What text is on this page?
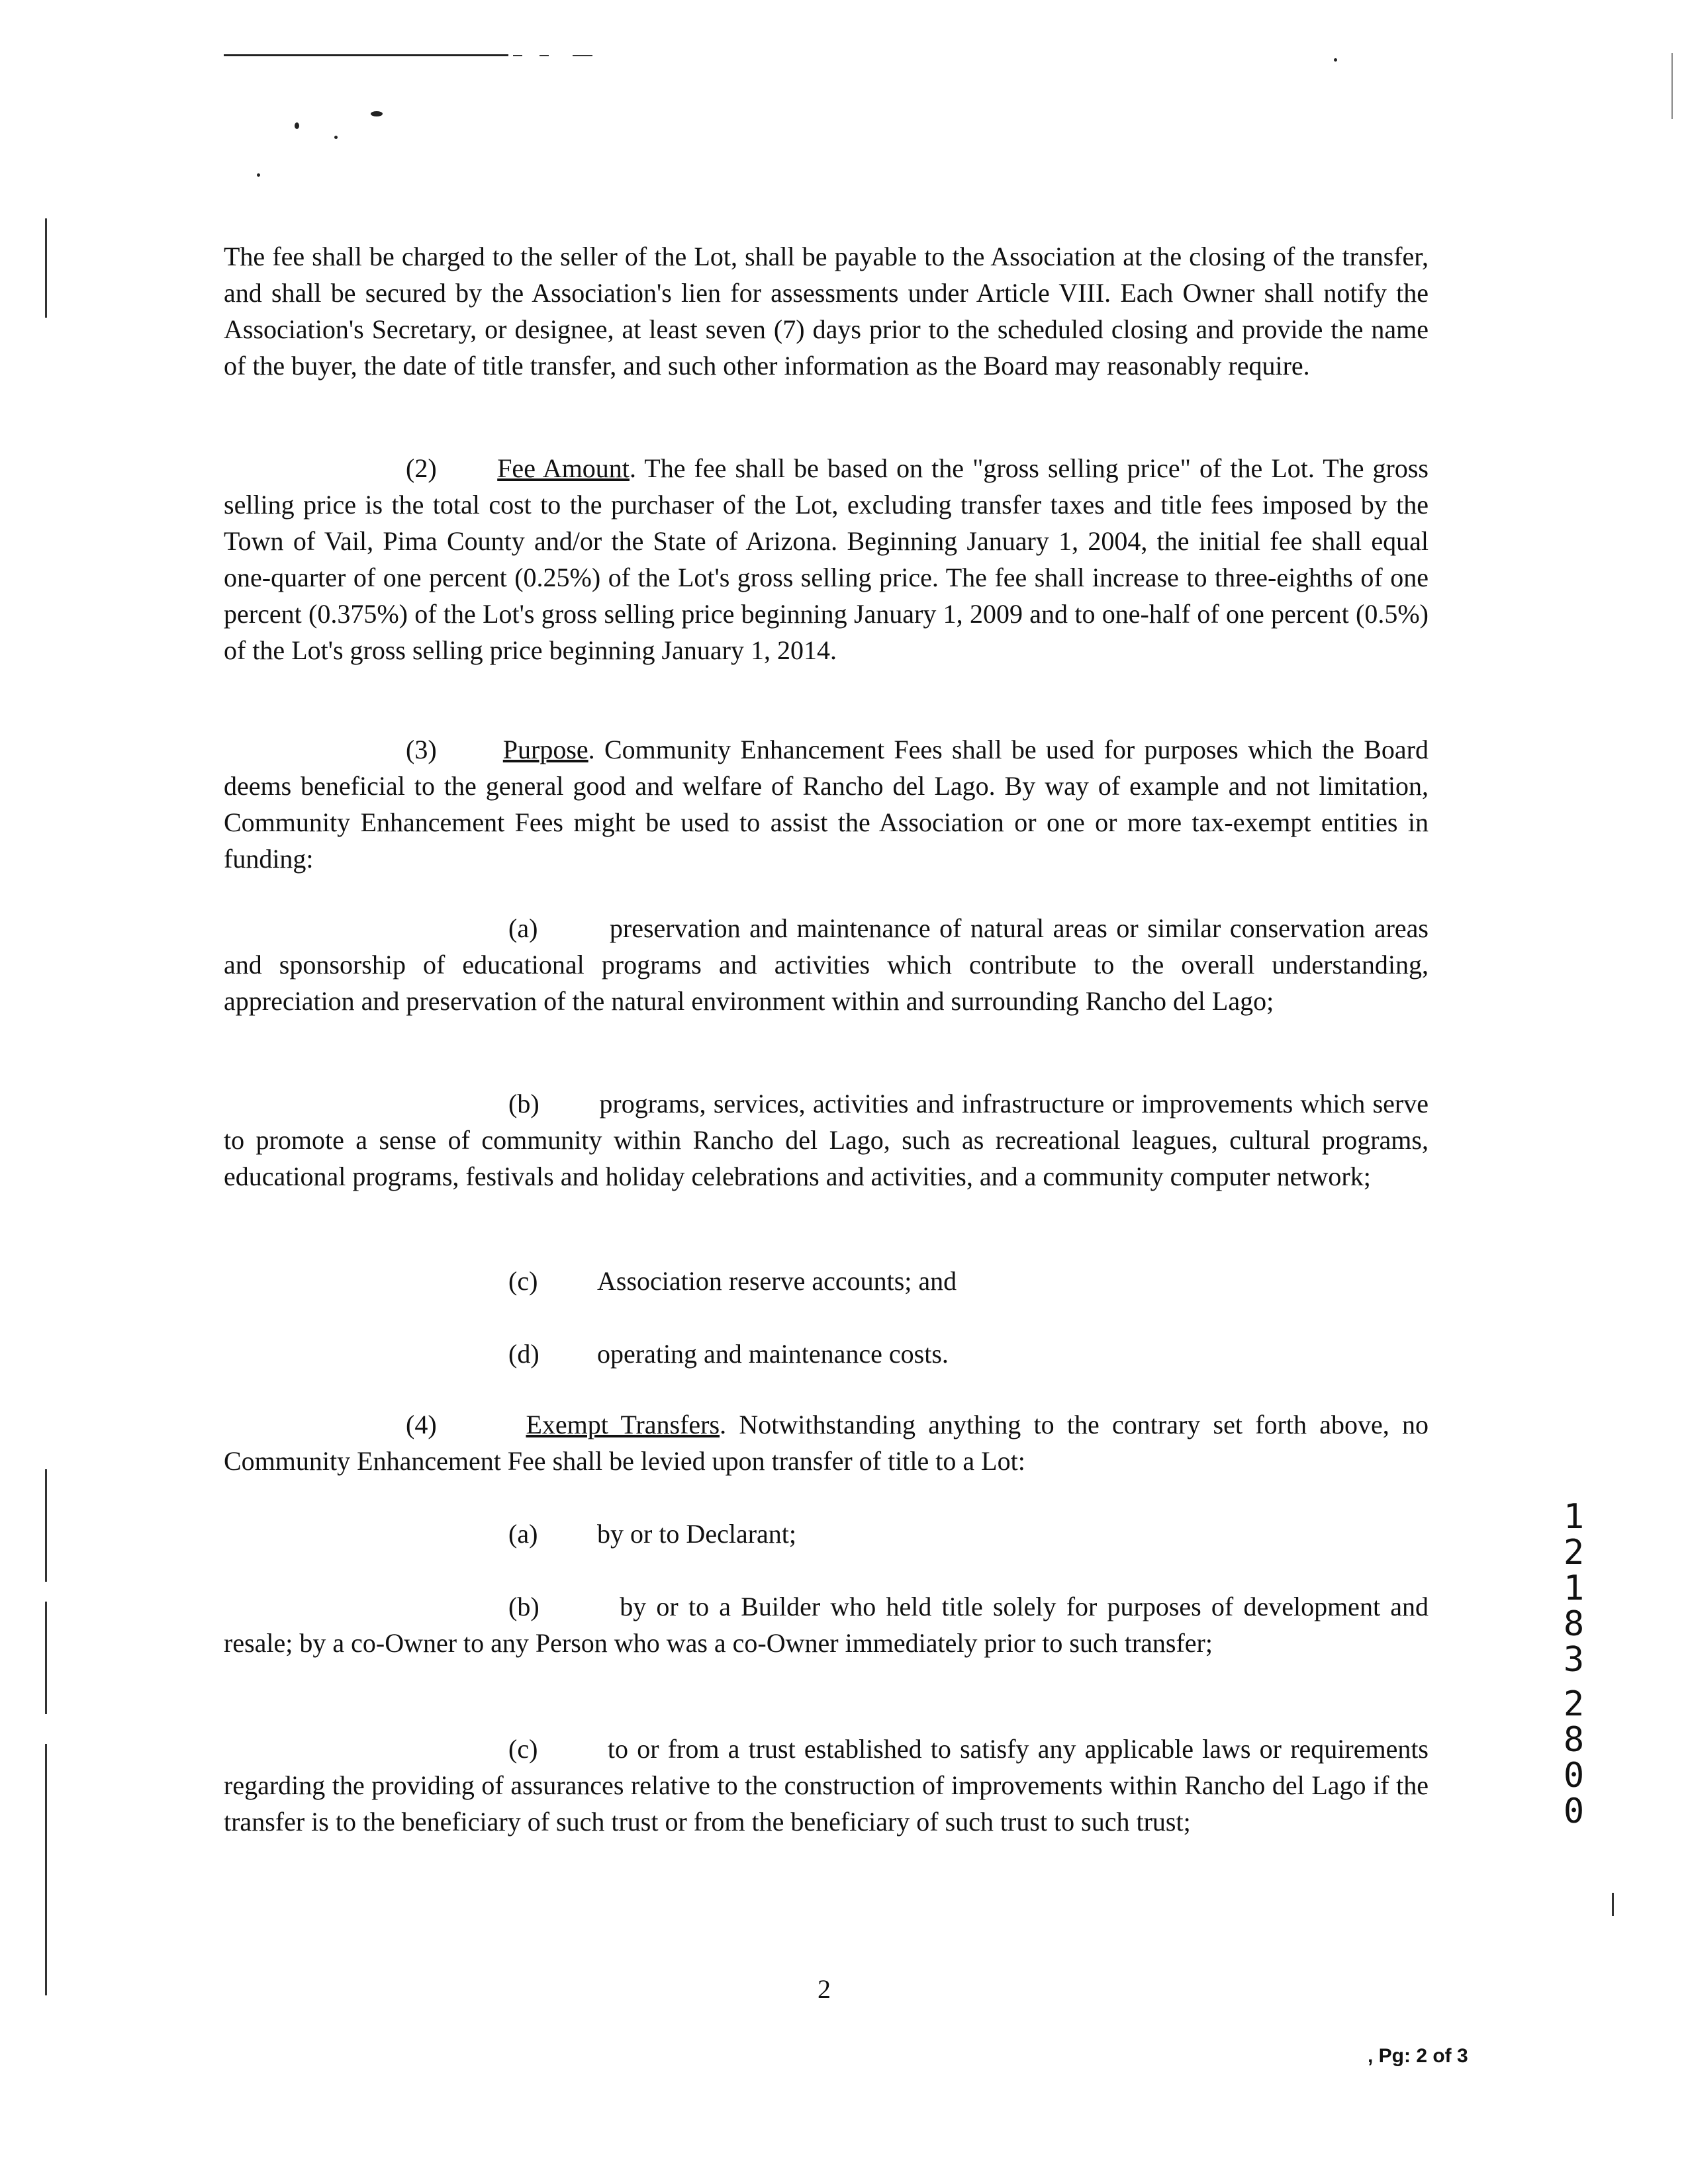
The fee shall be charged to the seller of the Lot, shall be payable to the Association at the closing of the transfer, and shall be secured by the Association's lien for assessments under Article VIII. Each Owner shall notify the Association's Secretary, or designee, at least seven (7) days prior to the scheduled closing and provide the name of the buyer, the date of title transfer, and such other information as the Board may reasonably require.

(2) Fee Amount. The fee shall be based on the "gross selling price" of the Lot. The gross selling price is the total cost to the purchaser of the Lot, excluding transfer taxes and title fees imposed by the Town of Vail, Pima County and/or the State of Arizona. Beginning January 1, 2004, the initial fee shall equal one-quarter of one percent (0.25%) of the Lot's gross selling price. The fee shall increase to three-eighths of one percent (0.375%) of the Lot's gross selling price beginning January 1, 2009 and to one-half of one percent (0.5%) of the Lot's gross selling price beginning January 1, 2014.

(3)	Purpose. Community Enhancement Fees shall be used for purposes which the Board deems beneficial to the general good and welfare of Rancho del Lago. By way of example and not limitation, Community Enhancement Fees might be used to assist the Association or one or more tax-exempt entities in funding:

(a)	preservation and maintenance of natural areas or similar conservation areas and sponsorship of educational programs and activities which contribute to the overall understanding, appreciation and preservation of the natural environment within and surrounding Rancho del Lago;

(b) programs, services, activities and infrastructure or improvements which serve to promote a sense of community within Rancho del Lago, such as recreational leagues, cultural programs, educational programs, festivals and holiday celebrations and activities, and a community computer network;

(c) Association reserve accounts; and

(d) operating and maintenance costs.

(4)	Exempt Transfers. Notwithstanding anything to the contrary set forth above, no Community Enhancement Fee shall be levied upon transfer of title to a Lot:

(a) by or to Declarant;

(b)	by or to a Builder who held title solely for purposes of development and resale; by a co-Owner to any Person who was a co-Owner immediately prior to such transfer;

(c)	to or from a trust established to satisfy any applicable laws or requirements regarding the providing of assurances relative to the construction of improvements within Rancho del Lago if the transfer is to the beneficiary of such trust or from the beneficiary of such trust to such trust;

2
, Pg: 2 of 3
1
2
1
8
3
2
8
0
0
